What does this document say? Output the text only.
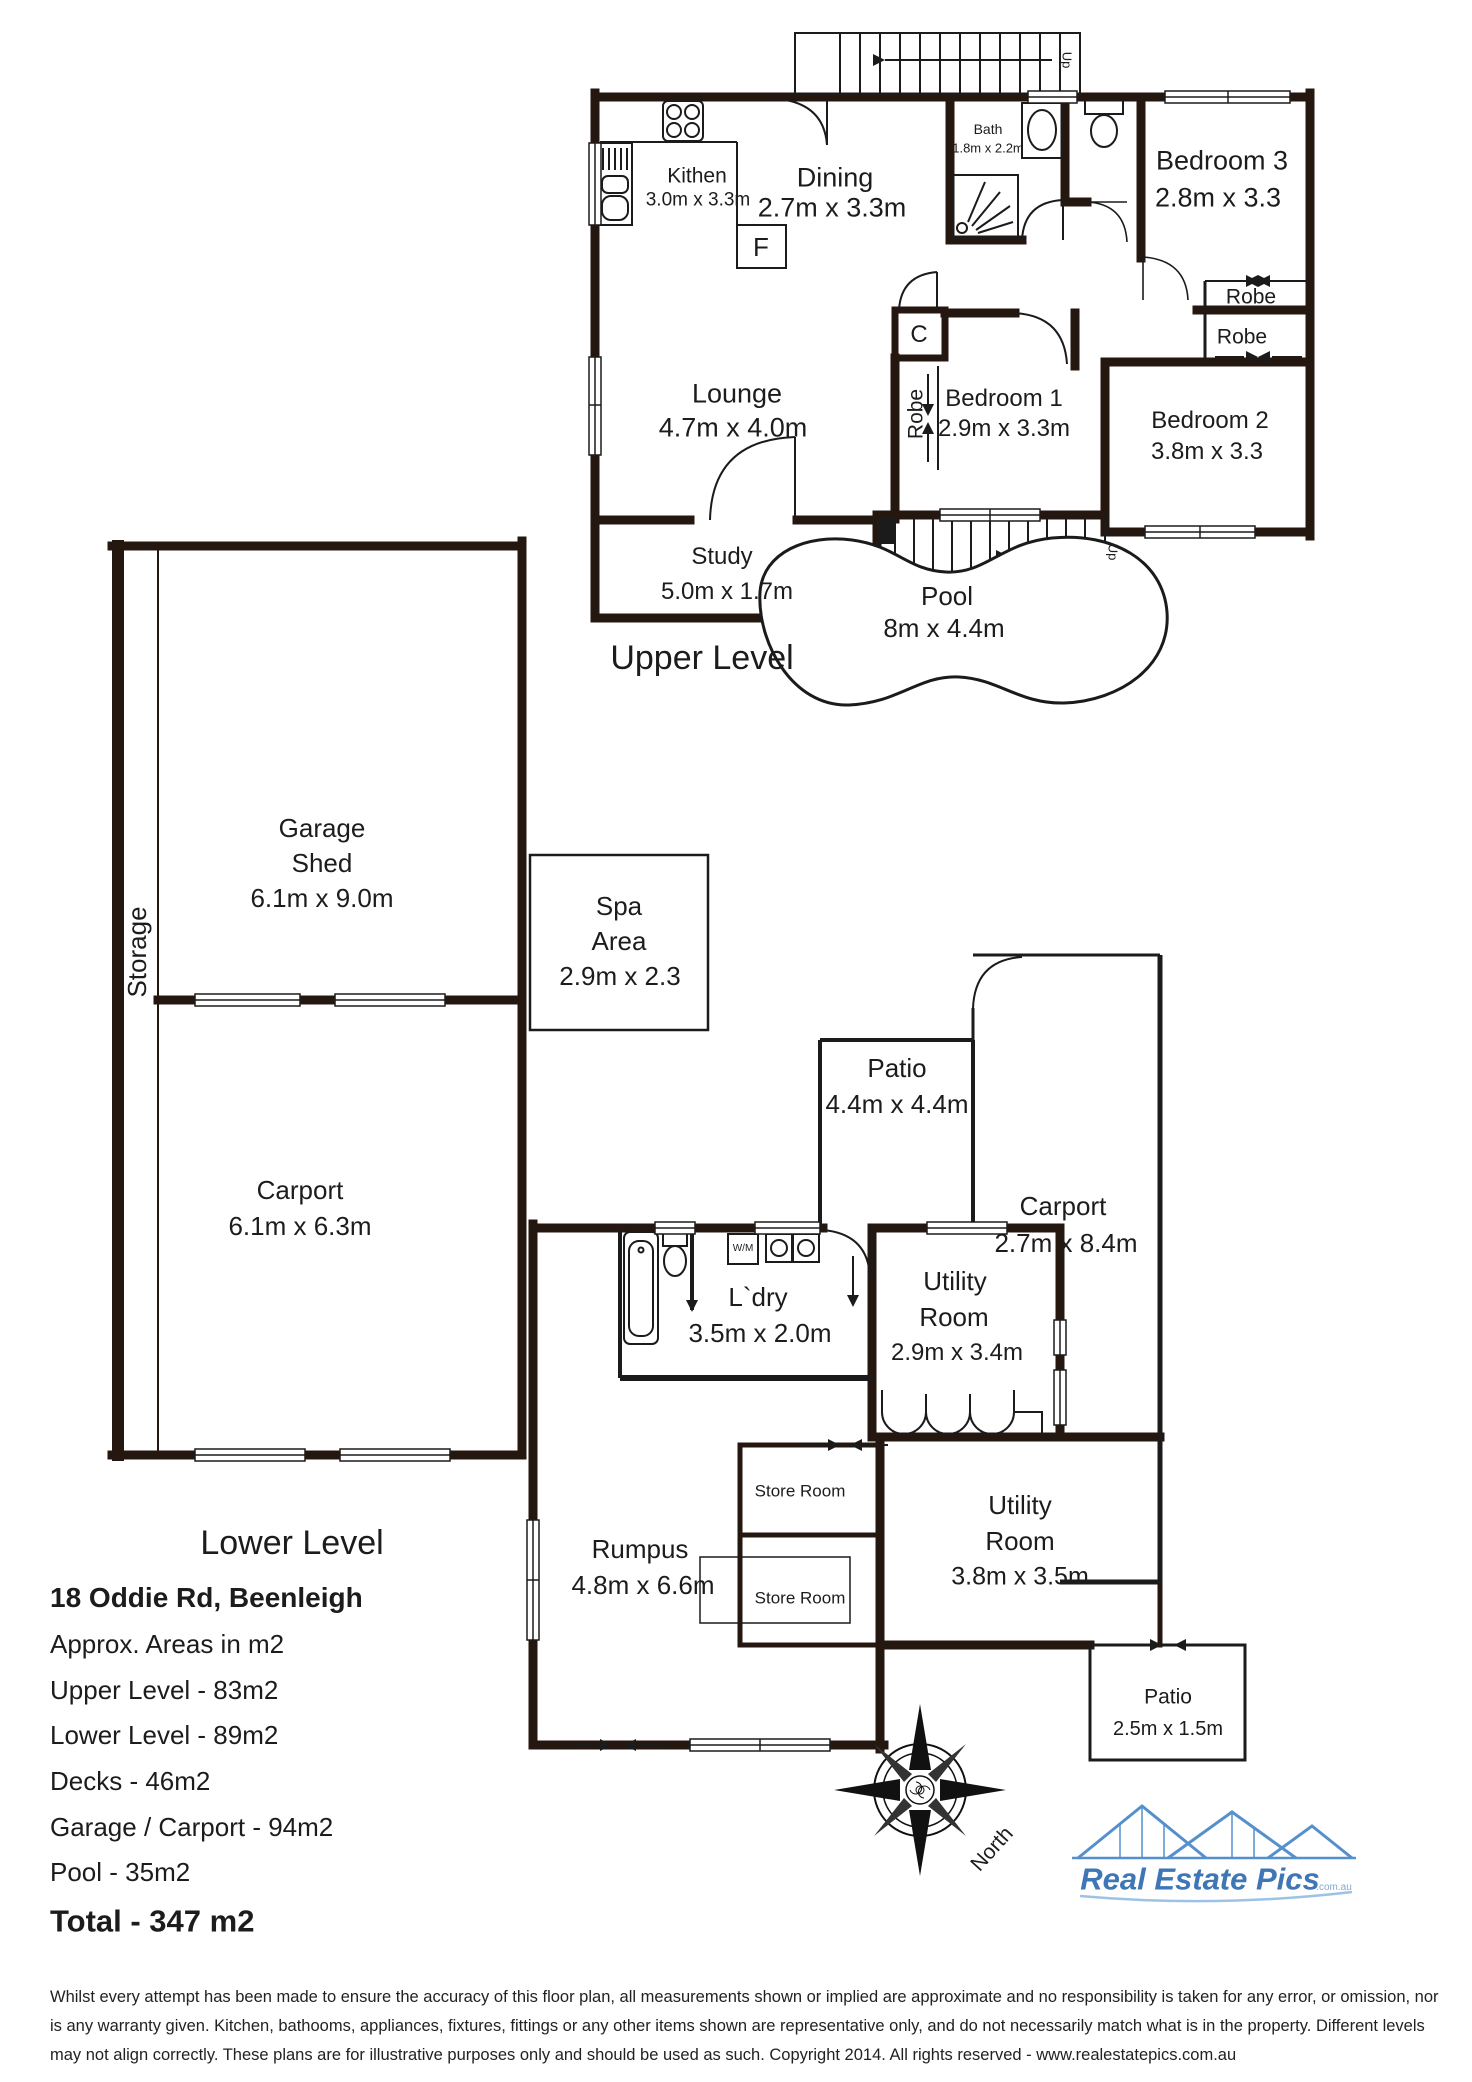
Kithen
3.0m x 3.3m
Dining
2.7m x 3.3m
Bath
1.8m x 2.2m	Bedroom 3
2.8m x 3.3
Robe
Robe
Lounge
4.7m x 4.0m
Bedroom 1
2.9m x 3.3m
Robe	Bedroom 2
3.8m x 3.3
Study
5.0m x 1.7m
C
F
Up
Up
Upper Level
Pool
8m x 4.4m
Spa
Area
2.9m x 2.3
Storage
Garage
Shed
6.1m x 9.0m
Carport
6.1m x 6.3m
Patio
4.4m x 4.4m
Carport
2.7m x 8.4m
L`dry
3.5m x 2.0m
W/M
Utility
Room
2.9m x 3.4m
Store Room
Store Room
Utility
Room
3.8m x 3.5m
Rumpus
4.8m x 6.6m
Patio
2.5m x 1.5m
Lower Level
18 Oddie Rd, Beenleigh
Approx. Areas in m2
Upper Level - 83m2
Lower Level - 89m2
Decks - 46m2
Garage / Carport - 94m2
Pool - 35m2
Total - 347 m2
North
Real Estate Pics
.com.au
Whilst every attempt has been made to ensure the accuracy of this floor plan, all measurements shown or implied are approximate and no responsibility is taken for any error, or omission, nor
is any warranty given. Kitchen, bathooms, appliances, fixtures, fittings or any other items shown are representative only, and do not necessarily match what is in the property. Different levels
may not align correctly. These plans are for illustrative purposes only and should be used as such. Copyright 2014. All rights reserved - www.realestatepics.com.au
